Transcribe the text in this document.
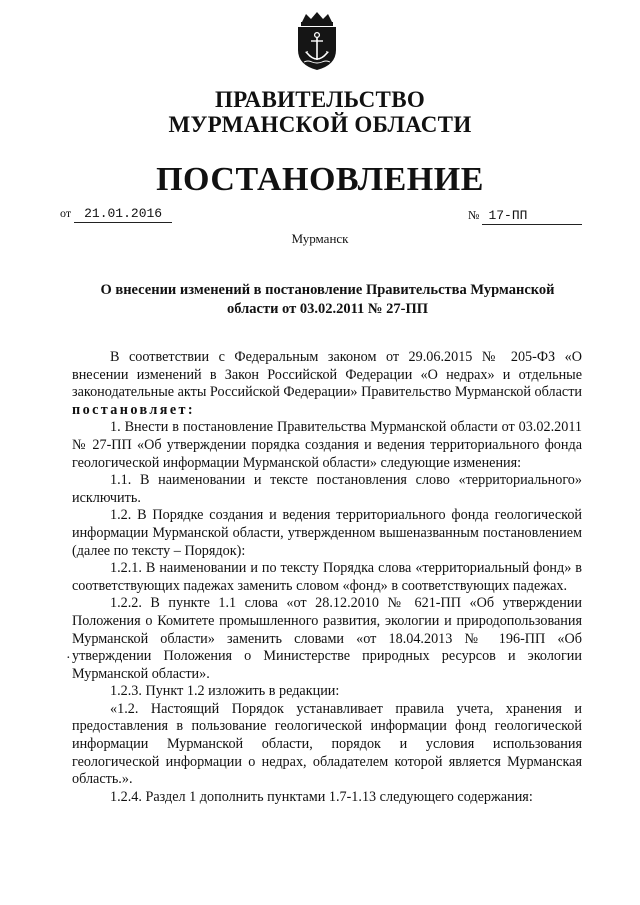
ПРАВИТЕЛЬСТВО
МУРМАНСКОЙ ОБЛАСТИ
ПОСТАНОВЛЕНИЕ
от 21.01.2016	№ 17-ПП
Мурманск
О внесении изменений в постановление Правительства Мурманской области от 03.02.2011 № 27-ПП
·

В соответствии с Федеральным законом от 29.06.2015 № 205-ФЗ «О внесении изменений в Закон Российской Федерации «О недрах» и отдельные законодательные акты Российской Федерации» Правительство Мурманской области постановляет:

1. Внести в постановление Правительства Мурманской области от 03.02.2011 № 27-ПП «Об утверждении порядка создания и ведения территориального фонда геологической информации Мурманской области» следующие изменения:

1.1. В наименовании и тексте постановления слово «территориального» исключить.

1.2. В Порядке создания и ведения территориального фонда геологической информации Мурманской области, утвержденном вышеназванным постановлением (далее по тексту – Порядок):

1.2.1. В наименовании и по тексту Порядка слова «территориальный фонд» в соответствующих падежах заменить словом «фонд» в соответствующих падежах.

1.2.2. В пункте 1.1 слова «от 28.12.2010 № 621-ПП «Об утверждении Положения о Комитете промышленного развития, экологии и природопользования Мурманской области» заменить словами «от 18.04.2013 № 196-ПП «Об утверждении Положения о Министерстве природных ресурсов и экологии Мурманской области».

1.2.3. Пункт 1.2 изложить в редакции:

«1.2. Настоящий Порядок устанавливает правила учета, хранения и предоставления в пользование геологической информации фонд геологической информации Мурманской области, порядок и условия использования геологической информации о недрах, обладателем которой является Мурманская область.».

1.2.4. Раздел 1 дополнить пунктами 1.7-1.13 следующего содержания:
